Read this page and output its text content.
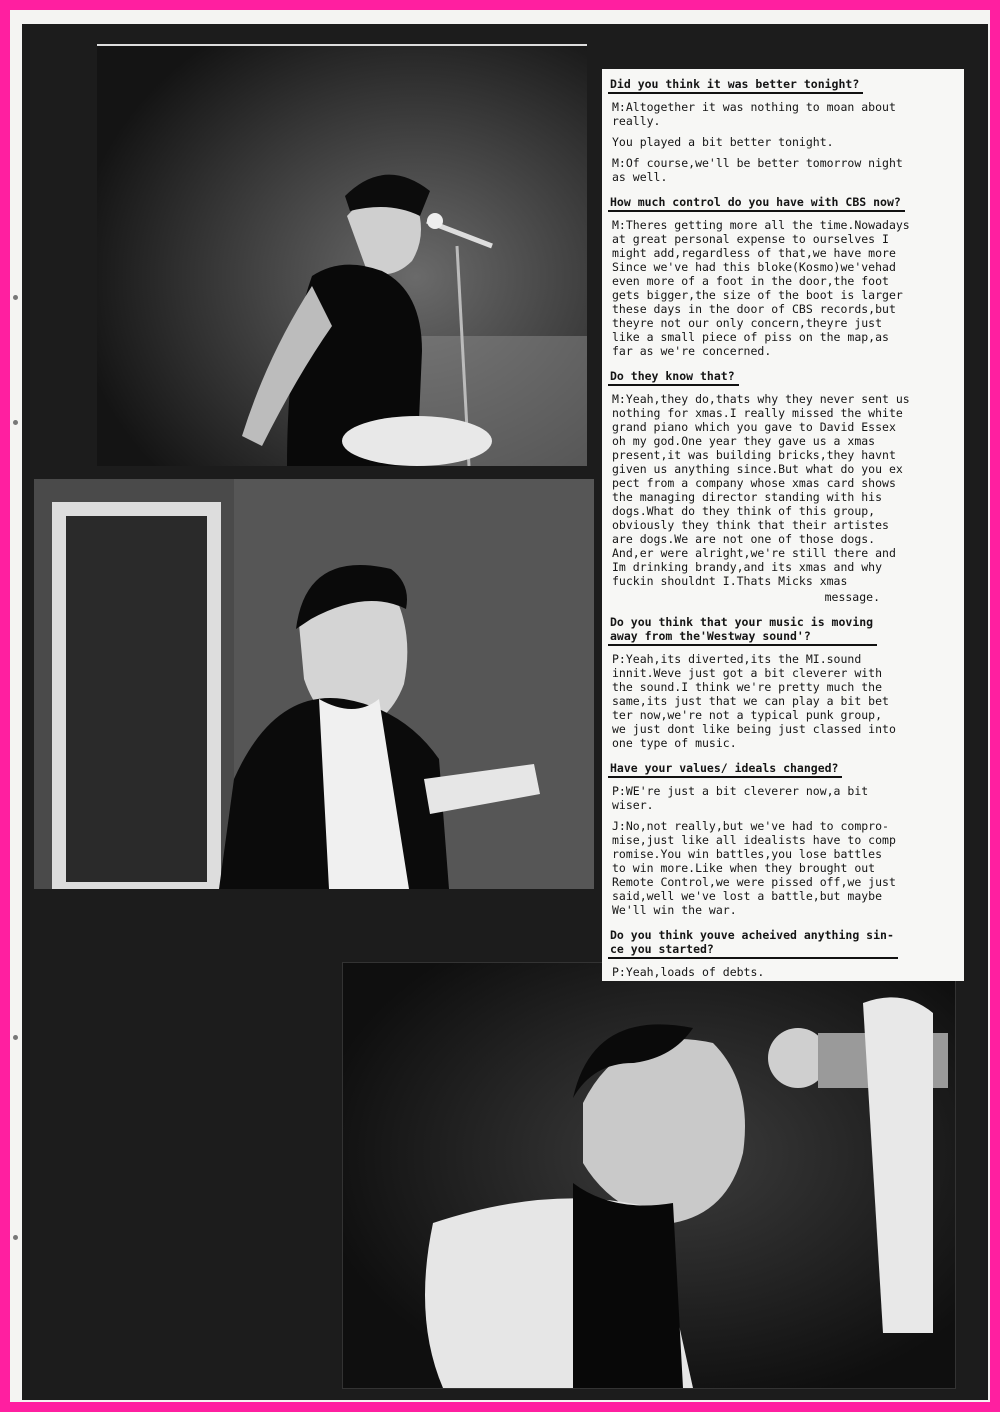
Did you think it was better tonight?
M:Altogether it was nothing to moan about
really.
You played a bit better tonight.
M:Of course,we'll be better tomorrow night
as well.
How much control do you have with CBS now?
M:Theres getting more all the time.Nowadays
at great personal expense to ourselves I
might add,regardless of that,we have more
Since we've had this bloke(Kosmo)we'vehad
even more of a foot in the door,the foot
gets bigger,the size of the boot is larger
these days in the door of CBS records,but
theyre not our only concern,theyre just
like a small piece of piss on the map,as
far as we're concerned.
Do they know that?
M:Yeah,they do,thats why they never sent us
nothing for xmas.I really missed the white
grand piano which you gave to David Essex
oh my god.One year they gave us a xmas
present,it was building bricks,they havnt
given us anything since.But what do you ex
pect from a company whose xmas card shows
the managing director standing with his
dogs.What do they think of this group,
obviously they think that their artistes
are dogs.We are not one of those dogs.
And,er were alright,we're still there and
Im drinking brandy,and its xmas and why
fuckin shouldnt I.Thats Micks xmas
message.
Do you think that your music is moving
away from the'Westway sound'?
P:Yeah,its diverted,its the MI.sound
innit.Weve just got a bit cleverer with
the sound.I think we're pretty much the
same,its just that we can play a bit bet
ter now,we're not a typical punk group,
we just dont like being just classed into
one type of music.
Have your values/ ideals changed?
P:WE're just a bit cleverer now,a bit
wiser.
J:No,not really,but we've had to compro-
mise,just like all idealists have to comp
romise.You win battles,you lose battles
to win more.Like when they brought out
Remote Control,we were pissed off,we just
said,well we've lost a battle,but maybe
We'll win the war.
Do you think youve acheived anything sin-
ce you started?
P:Yeah,loads of debts.
